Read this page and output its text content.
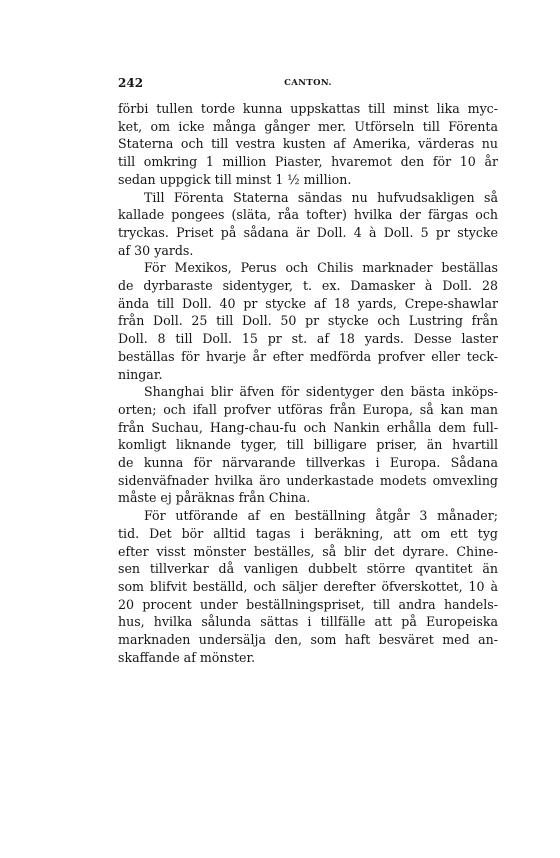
242	CANTON.
förbi tullen torde kunna uppskattas till minst lika myc-
ket, om icke många gånger mer. Utförseln till Förenta
Staterna och till vestra kusten af Amerika, värderas nu
till omkring 1 million Piaster, hvaremot den för 10 år
sedan uppgick till minst 1 ½ million.
Till Förenta Staterna sändas nu hufvudsakligen så
kallade pongees (släta, råa tofter) hvilka der färgas och
tryckas. Priset på sådana är Doll. 4 à Doll. 5 pr stycke
af 30 yards.
För Mexikos, Perus och Chilis marknader beställas
de dyrbaraste sidentyger, t. ex. Damasker à Doll. 28
ända till Doll. 40 pr stycke af 18 yards, Crepe-shawlar
från Doll. 25 till Doll. 50 pr stycke och Lustring från
Doll. 8 till Doll. 15 pr st. af 18 yards. Desse laster
beställas för hvarje år efter medförda profver eller teck-
ningar.
Shanghai blir äfven för sidentyger den bästa inköps-
orten; och ifall profver utföras från Europa, så kan man
från Suchau, Hang-chau-fu och Nankin erhålla dem full-
komligt liknande tyger, till billigare priser, än hvartill
de kunna för närvarande tillverkas i Europa. Sådana
sidenväfnader hvilka äro underkastade modets omvexling
måste ej påräknas från China.
För utförande af en beställning åtgår 3 månader;
tid. Det bör alltid tagas i beräkning, att om ett tyg
efter visst mönster beställes, så blir det dyrare. Chine-
sen tillverkar då vanligen dubbelt större qvantitet än
som blifvit beställd, och säljer derefter öfverskottet, 10 à
20 procent under beställningspriset, till andra handels-
hus, hvilka sålunda sättas i tillfälle att på Europeiska
marknaden undersälja den, som haft besväret med an-
skaffande af mönster.
